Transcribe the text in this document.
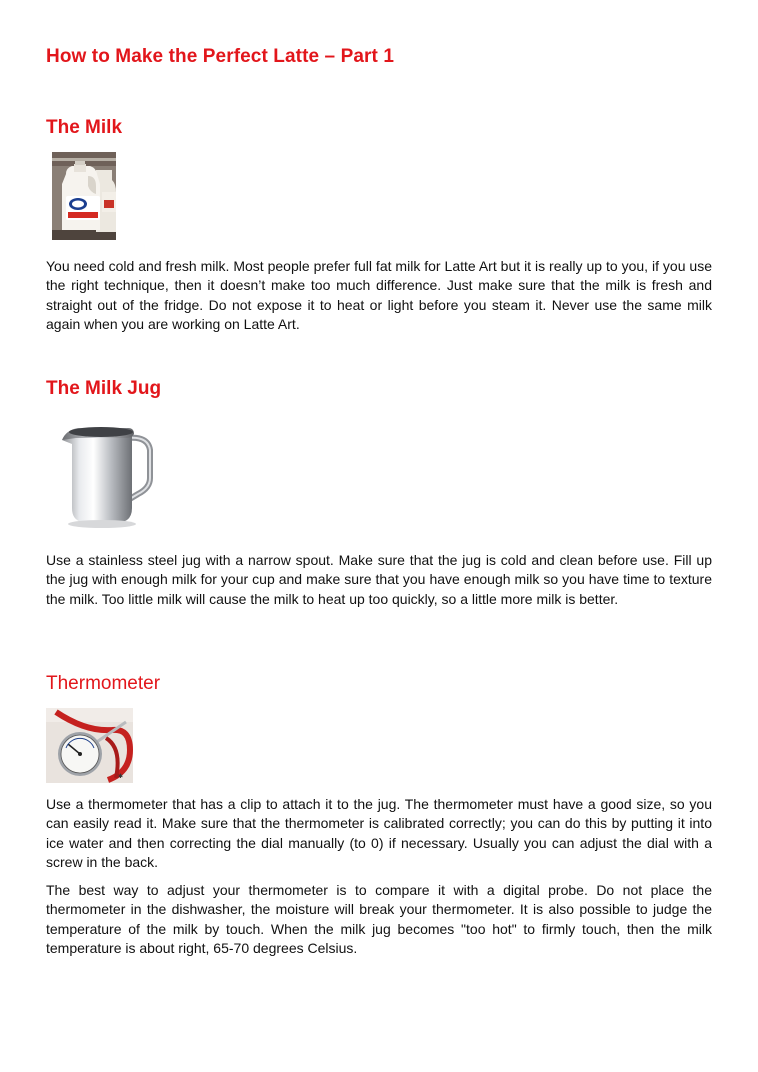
How to Make the Perfect Latte – Part 1
The Milk

You need cold and fresh milk. Most people prefer full fat milk for Latte Art but it is really up to you, if you use the right technique, then it doesn’t make too much difference. Just make sure that the milk is fresh and straight out of the fridge. Do not expose it to heat or light before you steam it. Never use the same milk again when you are working on Latte Art.

The Milk Jug

Use a stainless steel jug with a narrow spout. Make sure that the jug is cold and clean before use. Fill up the jug with enough milk for your cup and make sure that you have enough milk so you have time to texture the milk. Too little milk will cause the milk to heat up too quickly, so a little more milk is better.

Thermometer
✱

Use a thermometer that has a clip to attach it to the jug. The thermometer must have a good size, so you can easily read it. Make sure that the thermometer is calibrated correctly; you can do this by putting it into ice water and then correcting the dial manually (to 0) if necessary. Usually you can adjust the dial with a screw in the back.

The best way to adjust your thermometer is to compare it with a digital probe. Do not place the thermometer in the dishwasher, the moisture will break your thermometer. It is also possible to judge the temperature of the milk by touch. When the milk jug becomes "too hot" to firmly touch, then the milk temperature is about right, 65-70 degrees Celsius.
